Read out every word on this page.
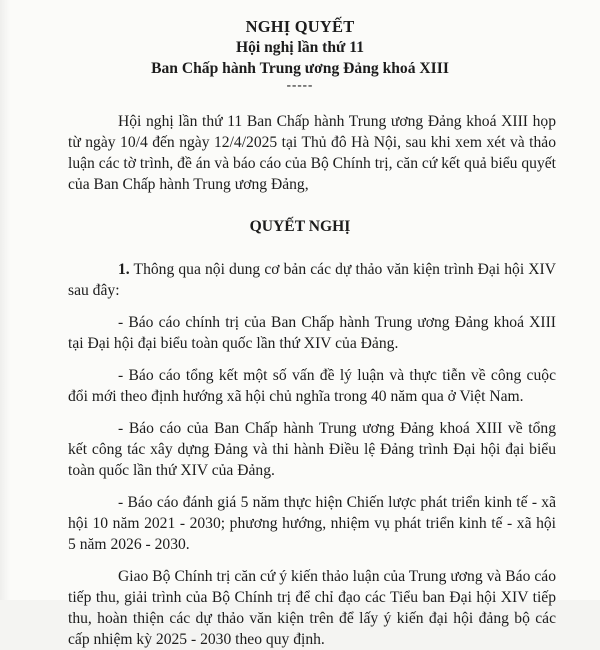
NGHỊ QUYẾT
Hội nghị lần thứ 11
Ban Chấp hành Trung ương Đảng khoá XIII
-----

Hội nghị lần thứ 11 Ban Chấp hành Trung ương Đảng khoá XIII họp từ ngày 10/4 đến ngày 12/4/2025 tại Thủ đô Hà Nội, sau khi xem xét và thảo luận các tờ trình, đề án và báo cáo của Bộ Chính trị, căn cứ kết quả biểu quyết của Ban Chấp hành Trung ương Đảng,

QUYẾT NGHỊ

1. Thông qua nội dung cơ bản các dự thảo văn kiện trình Đại hội XIV sau đây:

- Báo cáo chính trị của Ban Chấp hành Trung ương Đảng khoá XIII tại Đại hội đại biểu toàn quốc lần thứ XIV của Đảng.

- Báo cáo tổng kết một số vấn đề lý luận và thực tiễn về công cuộc đổi mới theo định hướng xã hội chủ nghĩa trong 40 năm qua ở Việt Nam.

- Báo cáo của Ban Chấp hành Trung ương Đảng khoá XIII về tổng kết công tác xây dựng Đảng và thi hành Điều lệ Đảng trình Đại hội đại biểu toàn quốc lần thứ XIV của Đảng.

- Báo cáo đánh giá 5 năm thực hiện Chiến lược phát triển kinh tế - xã hội 10 năm 2021 - 2030; phương hướng, nhiệm vụ phát triển kinh tế - xã hội 5 năm 2026 - 2030.

Giao Bộ Chính trị căn cứ ý kiến thảo luận của Trung ương và Báo cáo tiếp thu, giải trình của Bộ Chính trị để chỉ đạo các Tiểu ban Đại hội XIV tiếp thu, hoàn thiện các dự thảo văn kiện trên để lấy ý kiến đại hội đảng bộ các cấp nhiệm kỳ 2025 - 2030 theo quy định.
